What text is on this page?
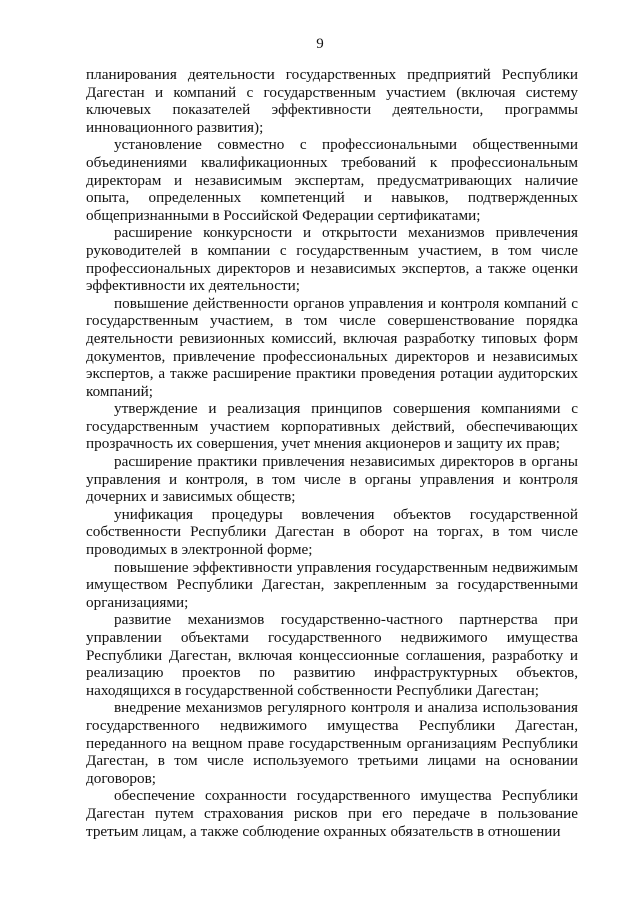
9

планирования деятельности государственных предприятий Республики Дагестан и компаний с государственным участием (включая систему ключевых показателей эффективности деятельности, программы инновационного развития);

установление совместно с профессиональными общественными объединениями квалификационных требований к профессиональным директорам и независимым экспертам, предусматривающих наличие опыта, определенных компетенций и навыков, подтвержденных общепризнанными в Российской Федерации сертификатами;

расширение конкурсности и открытости механизмов привлечения руководителей в компании с государственным участием, в том числе профессиональных директоров и независимых экспертов, а также оценки эффективности их деятельности;

повышение действенности органов управления и контроля компаний с государственным участием, в том числе совершенствование порядка деятельности ревизионных комиссий, включая разработку типовых форм документов, привлечение профессиональных директоров и независимых экспертов, а также расширение практики проведения ротации аудиторских компаний;

утверждение и реализация принципов совершения компаниями с государственным участием корпоративных действий, обеспечивающих прозрачность их совершения, учет мнения акционеров и защиту их прав;

расширение практики привлечения независимых директоров в органы управления и контроля, в том числе в органы управления и контроля дочерних и зависимых обществ;

унификация процедуры вовлечения объектов государственной собственности Республики Дагестан в оборот на торгах, в том числе проводимых в электронной форме;

повышение эффективности управления государственным недвижимым имуществом Республики Дагестан, закрепленным за государственными организациями;

развитие механизмов государственно-частного партнерства при управлении объектами государственного недвижимого имущества Республики Дагестан, включая концессионные соглашения, разработку и реализацию проектов по развитию инфраструктурных объектов, находящихся в государственной собственности Республики Дагестан;

внедрение механизмов регулярного контроля и анализа использования государственного недвижимого имущества Республики Дагестан, переданного на вещном праве государственным организациям Республики Дагестан, в том числе используемого третьими лицами на основании договоров;

обеспечение сохранности государственного имущества Республики Дагестан путем страхования рисков при его передаче в пользование третьим лицам, а также соблюдение охранных обязательств в отношении
